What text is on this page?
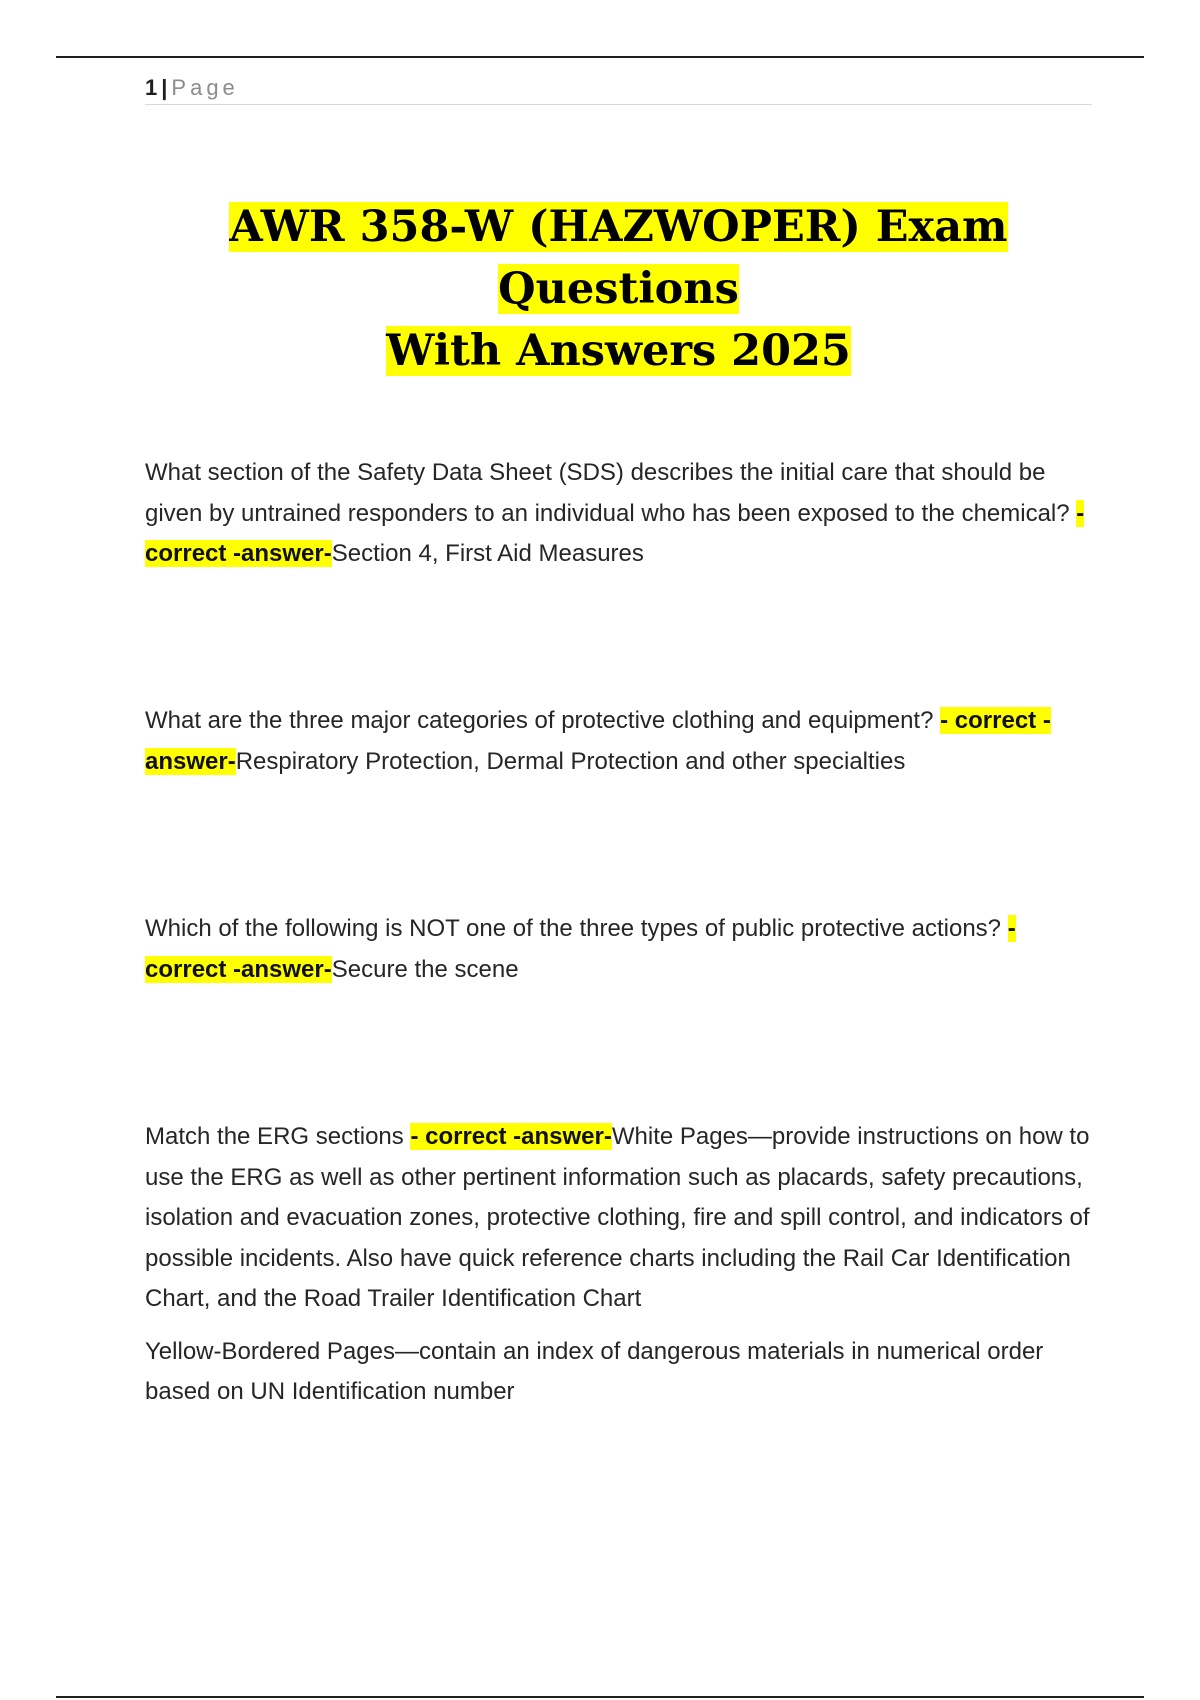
1 | Page
AWR 358-W (HAZWOPER) Exam Questions
With Answers 2025

What section of the Safety Data Sheet (SDS) describes the initial care that should be given by untrained responders to an individual who has been exposed to the chemical? - correct -answer-Section 4, First Aid Measures

What are the three major categories of protective clothing and equipment? - correct -answer-Respiratory Protection, Dermal Protection and other specialties

Which of the following is NOT one of the three types of public protective actions? - correct -answer-Secure the scene

Match the ERG sections - correct -answer-White Pages—provide instructions on how to use the ERG as well as other pertinent information such as placards, safety precautions, isolation and evacuation zones, protective clothing, fire and spill control, and indicators of possible incidents. Also have quick reference charts including the Rail Car Identification Chart, and the Road Trailer Identification Chart

Yellow-Bordered Pages—contain an index of dangerous materials in numerical order based on UN Identification number
